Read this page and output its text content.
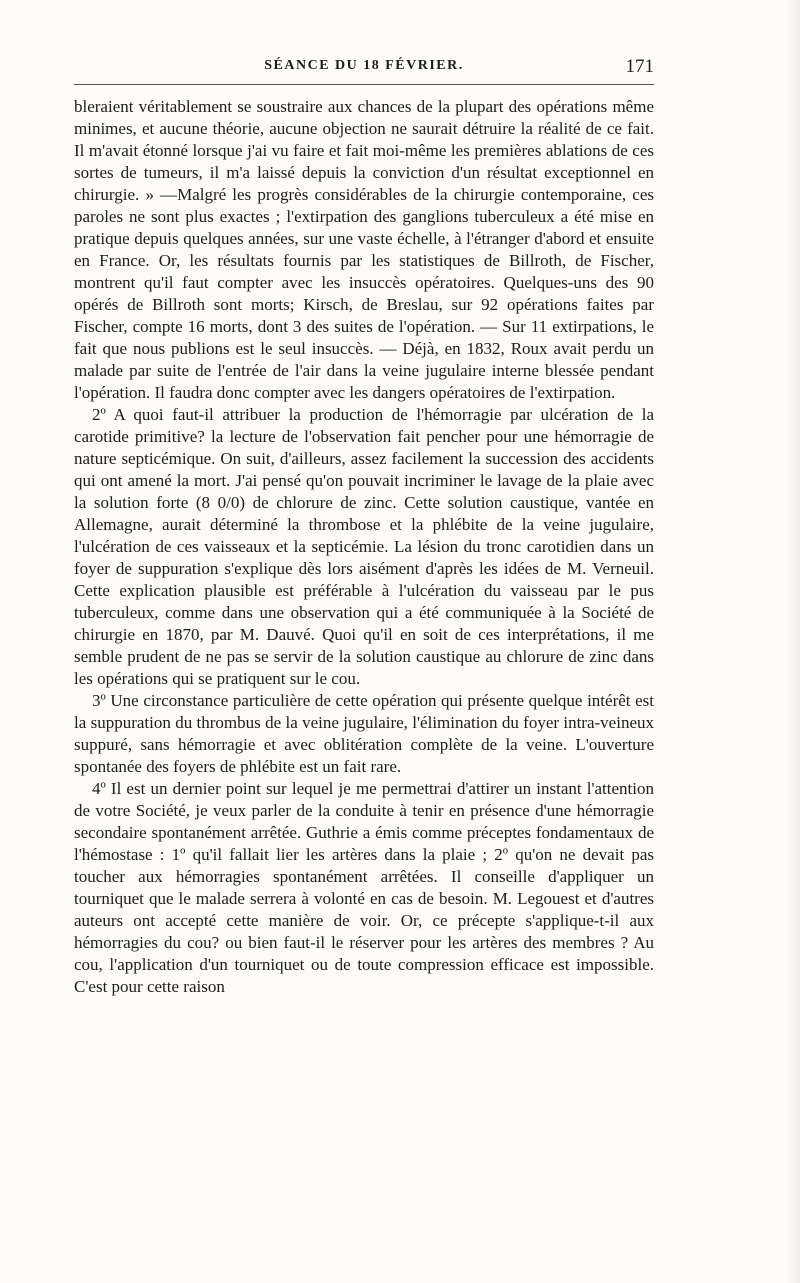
SÉANCE DU 18 FÉVRIER.	171

bleraient véritablement se soustraire aux chances de la plupart des opérations même minimes, et aucune théorie, aucune objection ne saurait détruire la réalité de ce fait. Il m'avait étonné lorsque j'ai vu faire et fait moi-même les premières ablations de ces sortes de tumeurs, il m'a laissé depuis la conviction d'un résultat exceptionnel en chirurgie. » —Malgré les progrès considérables de la chirurgie contemporaine, ces paroles ne sont plus exactes ; l'extirpation des ganglions tuberculeux a été mise en pratique depuis quelques années, sur une vaste échelle, à l'étranger d'abord et ensuite en France. Or, les résultats fournis par les statistiques de Billroth, de Fischer, montrent qu'il faut compter avec les insuccès opératoires. Quelques-uns des 90 opérés de Billroth sont morts; Kirsch, de Breslau, sur 92 opérations faites par Fischer, compte 16 morts, dont 3 des suites de l'opération. — Sur 11 extirpations, le fait que nous publions est le seul insuccès. — Déjà, en 1832, Roux avait perdu un malade par suite de l'entrée de l'air dans la veine jugulaire interne blessée pendant l'opération. Il faudra donc compter avec les dangers opératoires de l'extirpation.

2º A quoi faut-il attribuer la production de l'hémorragie par ulcération de la carotide primitive? la lecture de l'observation fait pencher pour une hémorragie de nature septicémique. On suit, d'ailleurs, assez facilement la succession des accidents qui ont amené la mort. J'ai pensé qu'on pouvait incriminer le lavage de la plaie avec la solution forte (8 0/0) de chlorure de zinc. Cette solution caustique, vantée en Allemagne, aurait déterminé la thrombose et la phlébite de la veine jugulaire, l'ulcération de ces vaisseaux et la septicémie. La lésion du tronc carotidien dans un foyer de suppuration s'explique dès lors aisément d'après les idées de M. Verneuil. Cette explication plausible est préférable à l'ulcération du vaisseau par le pus tuberculeux, comme dans une observation qui a été communiquée à la Société de chirurgie en 1870, par M. Dauvé. Quoi qu'il en soit de ces interprétations, il me semble prudent de ne pas se servir de la solution caustique au chlorure de zinc dans les opérations qui se pratiquent sur le cou.

3º Une circonstance particulière de cette opération qui présente quelque intérêt est la suppuration du thrombus de la veine jugulaire, l'élimination du foyer intra-veineux suppuré, sans hémorragie et avec oblitération complète de la veine. L'ouverture spontanée des foyers de phlébite est un fait rare.

4º Il est un dernier point sur lequel je me permettrai d'attirer un instant l'attention de votre Société, je veux parler de la conduite à tenir en présence d'une hémorragie secondaire spontanément arrêtée. Guthrie a émis comme préceptes fondamentaux de l'hémostase : 1º qu'il fallait lier les artères dans la plaie ; 2º qu'on ne devait pas toucher aux hémorragies spontanément arrêtées. Il conseille d'appliquer un tourniquet que le malade serrera à volonté en cas de besoin. M. Legouest et d'autres auteurs ont accepté cette manière de voir. Or, ce précepte s'applique-t-il aux hémorragies du cou? ou bien faut-il le réserver pour les artères des membres ? Au cou, l'application d'un tourniquet ou de toute compression efficace est impossible. C'est pour cette raison
